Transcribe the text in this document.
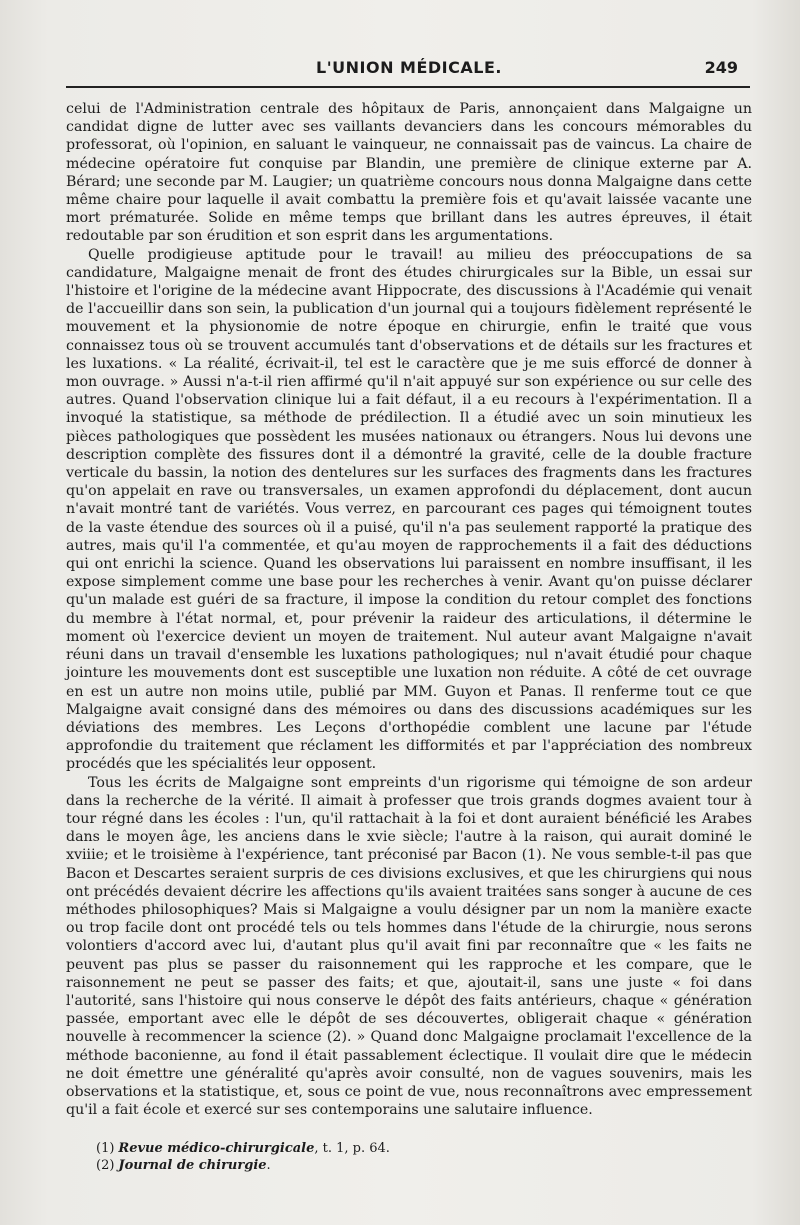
L'UNION MÉDICALE.	249

celui de l'Administration centrale des hôpitaux de Paris, annonçaient dans Malgaigne un candidat digne de lutter avec ses vaillants devanciers dans les concours mémorables du professorat, où l'opinion, en saluant le vainqueur, ne connaissait pas de vaincus. La chaire de médecine opératoire fut conquise par Blandin, une première de clinique externe par A. Bérard; une seconde par M. Laugier; un quatrième concours nous donna Malgaigne dans cette même chaire pour laquelle il avait combattu la première fois et qu'avait laissée vacante une mort prématurée. Solide en même temps que brillant dans les autres épreuves, il était redoutable par son érudition et son esprit dans les argumentations.

Quelle prodigieuse aptitude pour le travail! au milieu des préoccupations de sa candidature, Malgaigne menait de front des études chirurgicales sur la Bible, un essai sur l'histoire et l'origine de la médecine avant Hippocrate, des discussions à l'Académie qui venait de l'accueillir dans son sein, la publication d'un journal qui a toujours fidèlement représenté le mouvement et la physionomie de notre époque en chirurgie, enfin le traité que vous connaissez tous où se trouvent accumulés tant d'observations et de détails sur les fractures et les luxations. « La réalité, écrivait-il, tel est le caractère que je me suis efforcé de donner à mon ouvrage. » Aussi n'a-t-il rien affirmé qu'il n'ait appuyé sur son expérience ou sur celle des autres. Quand l'observation clinique lui a fait défaut, il a eu recours à l'expérimentation. Il a invoqué la statistique, sa méthode de prédilection. Il a étudié avec un soin minutieux les pièces pathologiques que possèdent les musées nationaux ou étrangers. Nous lui devons une description complète des fissures dont il a démontré la gravité, celle de la double fracture verticale du bassin, la notion des dentelures sur les surfaces des fragments dans les fractures qu'on appelait en rave ou transversales, un examen approfondi du déplacement, dont aucun n'avait montré tant de variétés. Vous verrez, en parcourant ces pages qui témoignent toutes de la vaste étendue des sources où il a puisé, qu'il n'a pas seulement rapporté la pratique des autres, mais qu'il l'a commentée, et qu'au moyen de rapprochements il a fait des déductions qui ont enrichi la science. Quand les observations lui paraissent en nombre insuffisant, il les expose simplement comme une base pour les recherches à venir. Avant qu'on puisse déclarer qu'un malade est guéri de sa fracture, il impose la condition du retour complet des fonctions du membre à l'état normal, et, pour prévenir la raideur des articulations, il détermine le moment où l'exercice devient un moyen de traitement. Nul auteur avant Malgaigne n'avait réuni dans un travail d'ensemble les luxations pathologiques; nul n'avait étudié pour chaque jointure les mouvements dont est susceptible une luxation non réduite. A côté de cet ouvrage en est un autre non moins utile, publié par MM. Guyon et Panas. Il renferme tout ce que Malgaigne avait consigné dans des mémoires ou dans des discussions académiques sur les déviations des membres. Les Leçons d'orthopédie comblent une lacune par l'étude approfondie du traitement que réclament les difformités et par l'appréciation des nombreux procédés que les spécialités leur opposent.

Tous les écrits de Malgaigne sont empreints d'un rigorisme qui témoigne de son ardeur dans la recherche de la vérité. Il aimait à professer que trois grands dogmes avaient tour à tour régné dans les écoles : l'un, qu'il rattachait à la foi et dont auraient bénéficié les Arabes dans le moyen âge, les anciens dans le xvie siècle; l'autre à la raison, qui aurait dominé le xviiie; et le troisième à l'expérience, tant préconisé par Bacon (1). Ne vous semble-t-il pas que Bacon et Descartes seraient surpris de ces divisions exclusives, et que les chirurgiens qui nous ont précédés devaient décrire les affections qu'ils avaient traitées sans songer à aucune de ces méthodes philosophiques? Mais si Malgaigne a voulu désigner par un nom la manière exacte ou trop facile dont ont procédé tels ou tels hommes dans l'étude de la chirurgie, nous serons volontiers d'accord avec lui, d'autant plus qu'il avait fini par reconnaître que « les faits ne peuvent pas plus se passer du raisonnement qui les rapproche et les compare, que le raisonnement ne peut se passer des faits; et que, ajoutait-il, sans une juste « foi dans l'autorité, sans l'histoire qui nous conserve le dépôt des faits antérieurs, chaque « génération passée, emportant avec elle le dépôt de ses découvertes, obligerait chaque « génération nouvelle à recommencer la science (2). » Quand donc Malgaigne proclamait l'excellence de la méthode baconienne, au fond il était passablement éclectique. Il voulait dire que le médecin ne doit émettre une généralité qu'après avoir consulté, non de vagues souvenirs, mais les observations et la statistique, et, sous ce point de vue, nous reconnaîtrons avec empressement qu'il a fait école et exercé sur ses contemporains une salutaire influence.

(1) Revue médico-chirurgicale, t. 1, p. 64.

(2) Journal de chirurgie.
